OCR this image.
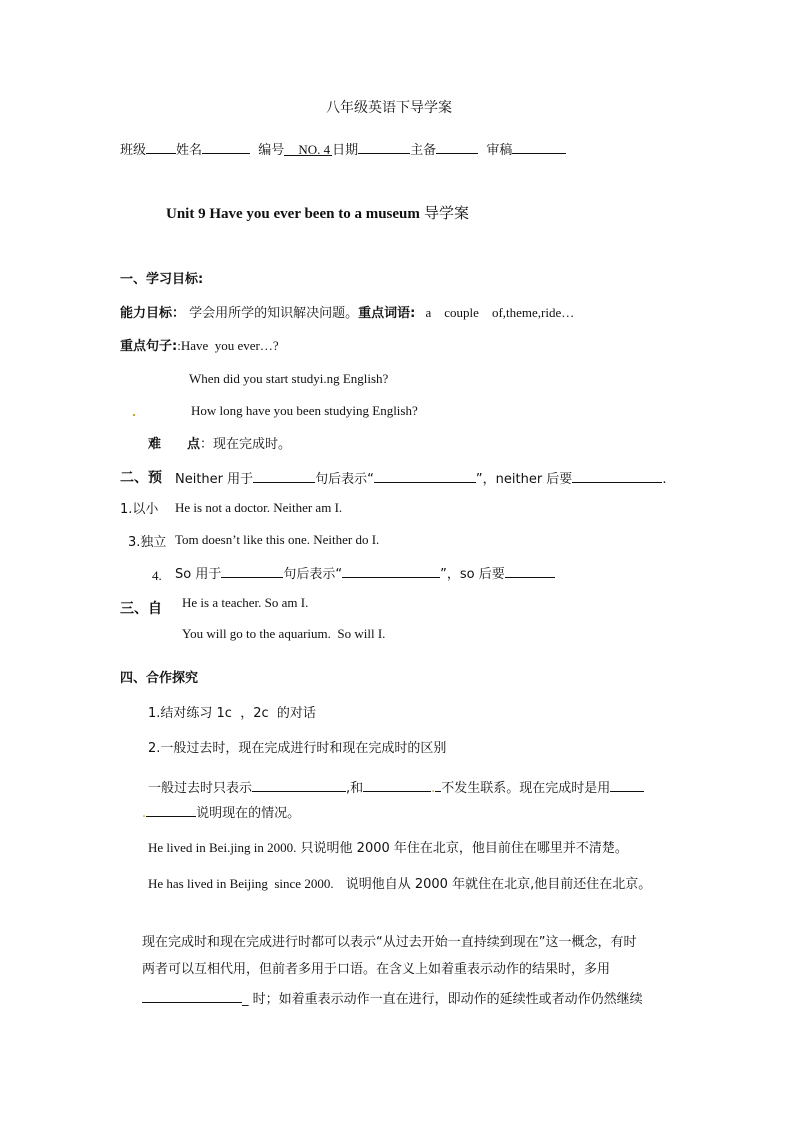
八年级英语下导学案
班级 姓名	编号 NO. 4 日期	主备	审稿
Unit 9 Have you ever been to a museum 导学案
一、学习目标:
能力目标： 学会用所学的知识解决问题。重点词语: a    couple    of,theme,ride…
重点句子::Have  you ever…?
When did you start studyi.ng English?
How long have you been studying English?
难 点：现在完成时。
二、预 Neither 用于	句后表示“	”，neither 后要	.
1.以小	He is not a doctor. Neither am I.
3.独立 Tom doesn’t like this one. Neither do I.
4. So 用于	句后表示“	”，so 后要
三、自 He is a teacher. So am I.
You will go to the aquarium.  So will I.
四、合作探究
1.结对练习 1c  ，2c  的对话
2.一般过去时，现在完成进行时和现在完成时的区别
一般过去时只表示	,和	. 不发生联系。现在完成时是用
.	说明现在的情况。
He lived in Bei.jing in 2000. 只说明他 2000 年住在北京，他目前住在哪里并不清楚。
He has lived in Beijing  since 2000. 说明他自从 2000 年就住在北京,他目前还住在北京。
现在完成时和现在完成进行时都可以表示“从过去开始一直持续到现在”这一概念，有时
两者可以互相代用，但前者多用于口语。在含义上如着重表示动作的结果时，多用
_ 时；如着重表示动作一直在进行，即动作的延续性或者动作仍然继续
